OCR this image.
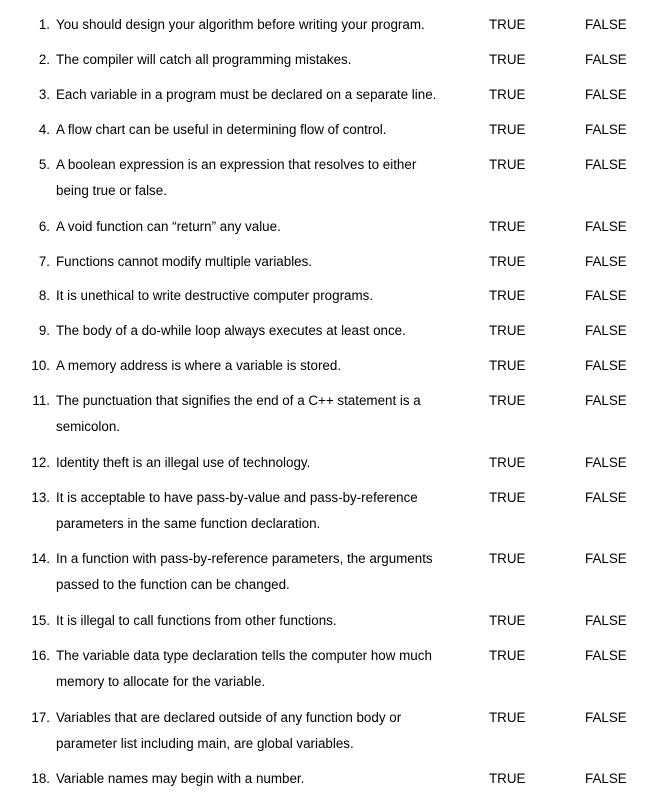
1. You should design your algorithm before writing your program.	TRUE	FALSE
2. The compiler will catch all programming mistakes.	TRUE	FALSE
3. Each variable in a program must be declared on a separate line.	TRUE	FALSE
4. A flow chart can be useful in determining flow of control.	TRUE	FALSE
5. A boolean expression is an expression that resolves to either
being true or false.
TRUE	FALSE
6. A void function can “return” any value.	TRUE	FALSE
7. Functions cannot modify multiple variables.	TRUE	FALSE
8. It is unethical to write destructive computer programs.	TRUE	FALSE
9. The body of a do-while loop always executes at least once.	TRUE	FALSE
10. A memory address is where a variable is stored.	TRUE	FALSE
11. The punctuation that signifies the end of a C++ statement is a
semicolon.
TRUE	FALSE
12. Identity theft is an illegal use of technology.	TRUE	FALSE
13. It is acceptable to have pass-by-value and pass-by-reference
parameters in the same function declaration.
TRUE	FALSE
14. In a function with pass-by-reference parameters, the arguments
passed to the function can be changed.
TRUE	FALSE
15. It is illegal to call functions from other functions.	TRUE	FALSE
16. The variable data type declaration tells the computer how much
memory to allocate for the variable.
TRUE	FALSE
17. Variables that are declared outside of any function body or
parameter list including main, are global variables.
TRUE	FALSE
18. Variable names may begin with a number.	TRUE	FALSE
